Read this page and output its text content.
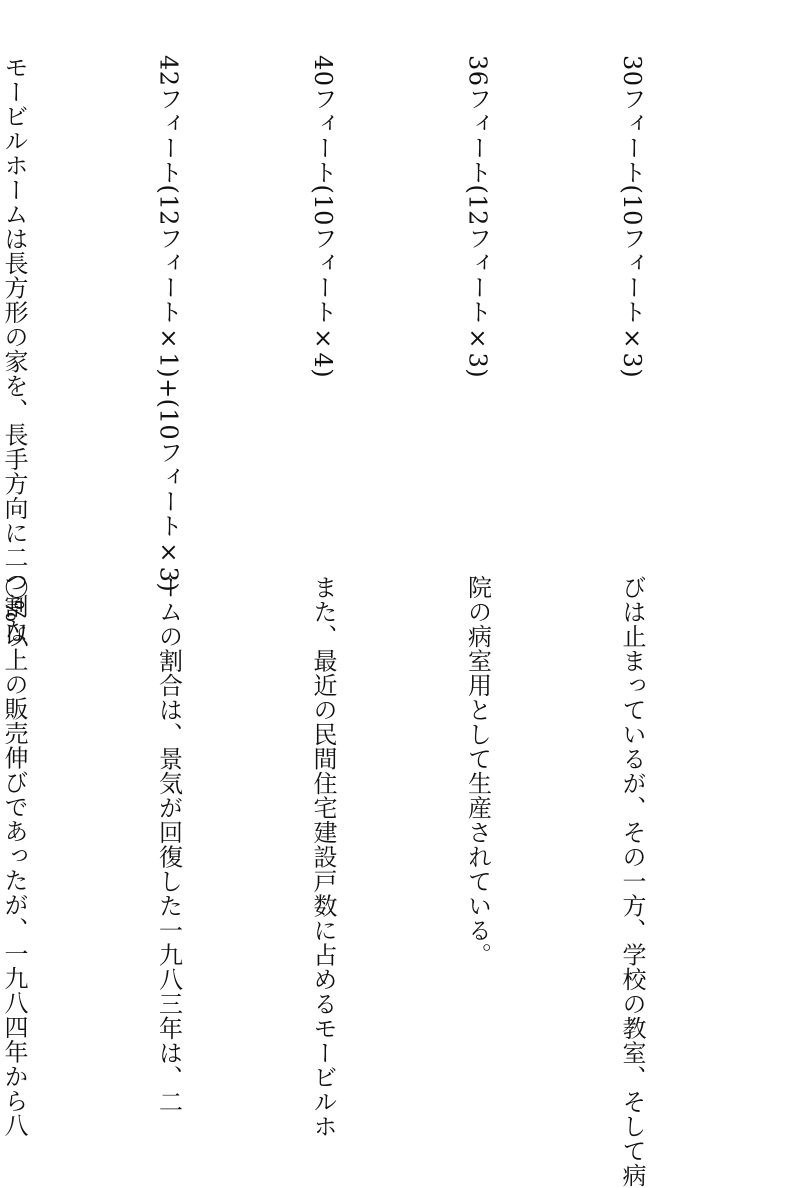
30フィート(10フィート×3)

36フィート(12フィート×3)

40フィート(10フィート×4)

42フィート(12フィート×1)+(10フィート×3)

モービルホームは長方形の家を、長手方向に二つ割な

びは止まっているが、その一方、学校の教室、そして病

院の病室用として生産されている。

また、最近の民間住宅建設戸数に占めるモービルホ

ームの割合は、景気が回復した一九八三年は、二

〇%以上の販売伸びであったが、一九八四年から八
